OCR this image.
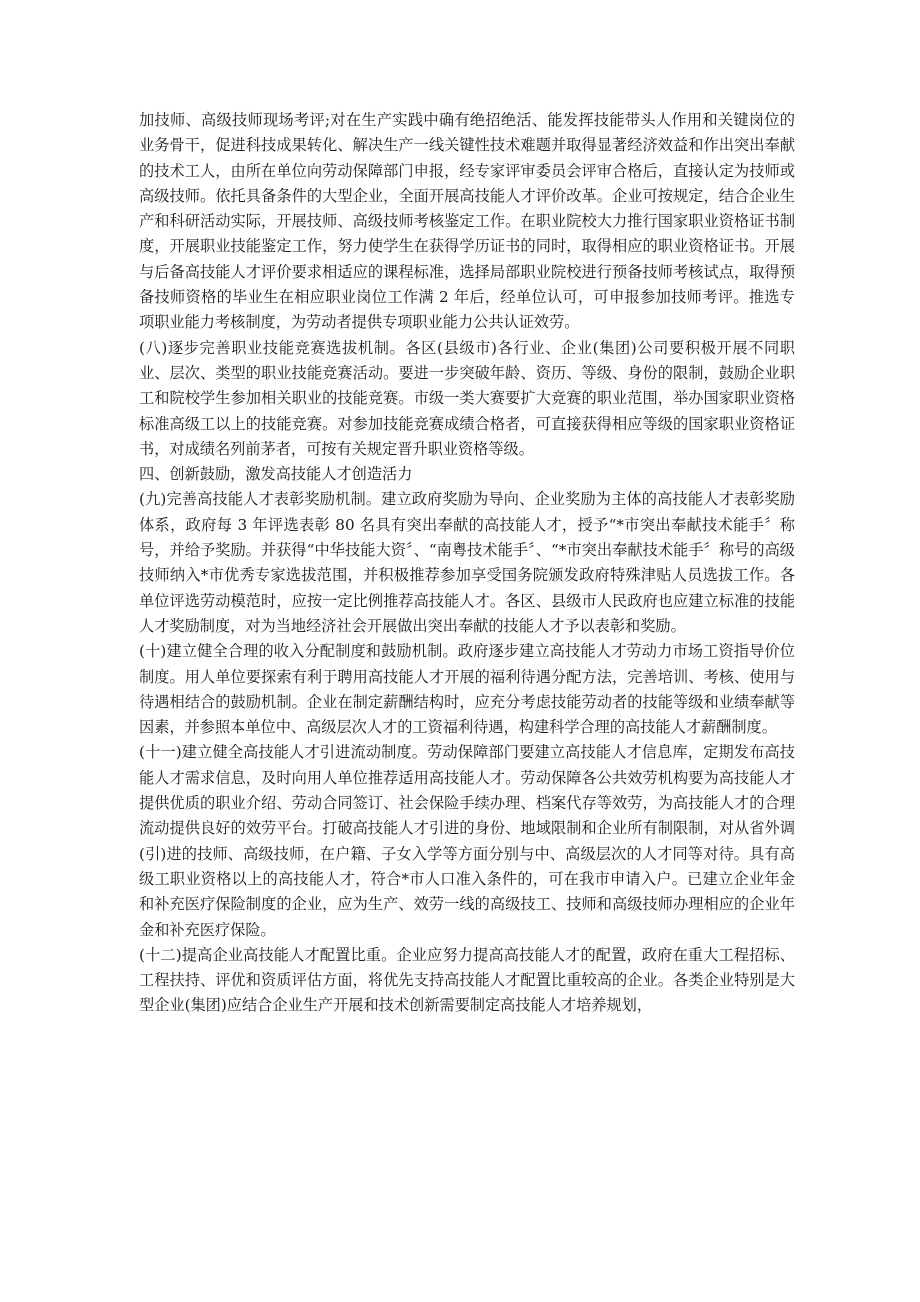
加技师、高级技师现场考评;对在生产实践中确有绝招绝活、能发挥技能带头人作用和关键岗位的业务骨干，促进科技成果转化、解决生产一线关键性技术难题并取得显著经济效益和作出突出奉献的技术工人，由所在单位向劳动保障部门申报，经专家评审委员会评审合格后，直接认定为技师或高级技师。依托具备条件的大型企业，全面开展高技能人才评价改革。企业可按规定，结合企业生产和科研活动实际，开展技师、高级技师考核鉴定工作。在职业院校大力推行国家职业资格证书制度，开展职业技能鉴定工作，努力使学生在获得学历证书的同时，取得相应的职业资格证书。开展与后备高技能人才评价要求相适应的课程标准，选择局部职业院校进行预备技师考核试点，取得预备技师资格的毕业生在相应职业岗位工作满 2 年后，经单位认可，可申报参加技师考评。推选专项职业能力考核制度，为劳动者提供专项职业能力公共认证效劳。

(八)逐步完善职业技能竞赛选拔机制。各区(县级市)各行业、企业(集团)公司要积极开展不同职业、层次、类型的职业技能竞赛活动。要进一步突破年龄、资历、等级、身份的限制，鼓励企业职工和院校学生参加相关职业的技能竞赛。市级一类大赛要扩大竞赛的职业范围，举办国家职业资格标准高级工以上的技能竞赛。对参加技能竞赛成绩合格者，可直接获得相应等级的国家职业资格证书，对成绩名列前茅者，可按有关规定晋升职业资格等级。

四、创新鼓励，激发高技能人才创造活力

(九)完善高技能人才表彰奖励机制。建立政府奖励为导向、企业奖励为主体的高技能人才表彰奖励体系，政府每 3 年评选表彰 80 名具有突出奉献的高技能人才，授予“*市突出奉献技术能手〞称号，并给予奖励。并获得“中华技能大资〞、“南粤技术能手〞、“*市突出奉献技术能手〞称号的高级技师纳入*市优秀专家选拔范围，并积极推荐参加享受国务院颁发政府特殊津贴人员选拔工作。各单位评选劳动模范时，应按一定比例推荐高技能人才。各区、县级市人民政府也应建立标准的技能人才奖励制度，对为当地经济社会开展做出突出奉献的技能人才予以表彰和奖励。

(十)建立健全合理的收入分配制度和鼓励机制。政府逐步建立高技能人才劳动力市场工资指导价位制度。用人单位要探索有利于聘用高技能人才开展的福利待遇分配方法，完善培训、考核、使用与待遇相结合的鼓励机制。企业在制定薪酬结构时，应充分考虑技能劳动者的技能等级和业绩奉献等因素，并参照本单位中、高级层次人才的工资福利待遇，构建科学合理的高技能人才薪酬制度。

(十一)建立健全高技能人才引进流动制度。劳动保障部门要建立高技能人才信息库，定期发布高技能人才需求信息，及时向用人单位推荐适用高技能人才。劳动保障各公共效劳机构要为高技能人才提供优质的职业介绍、劳动合同签订、社会保险手续办理、档案代存等效劳，为高技能人才的合理流动提供良好的效劳平台。打破高技能人才引进的身份、地域限制和企业所有制限制，对从省外调(引)进的技师、高级技师，在户籍、子女入学等方面分别与中、高级层次的人才同等对待。具有高级工职业资格以上的高技能人才，符合*市人口准入条件的，可在我市申请入户。已建立企业年金和补充医疗保险制度的企业，应为生产、效劳一线的高级技工、技师和高级技师办理相应的企业年金和补充医疗保险。

(十二)提高企业高技能人才配置比重。企业应努力提高高技能人才的配置，政府在重大工程招标、工程扶持、评优和资质评估方面，将优先支持高技能人才配置比重较高的企业。各类企业特别是大型企业(集团)应结合企业生产开展和技术创新需要制定高技能人才培养规划，
